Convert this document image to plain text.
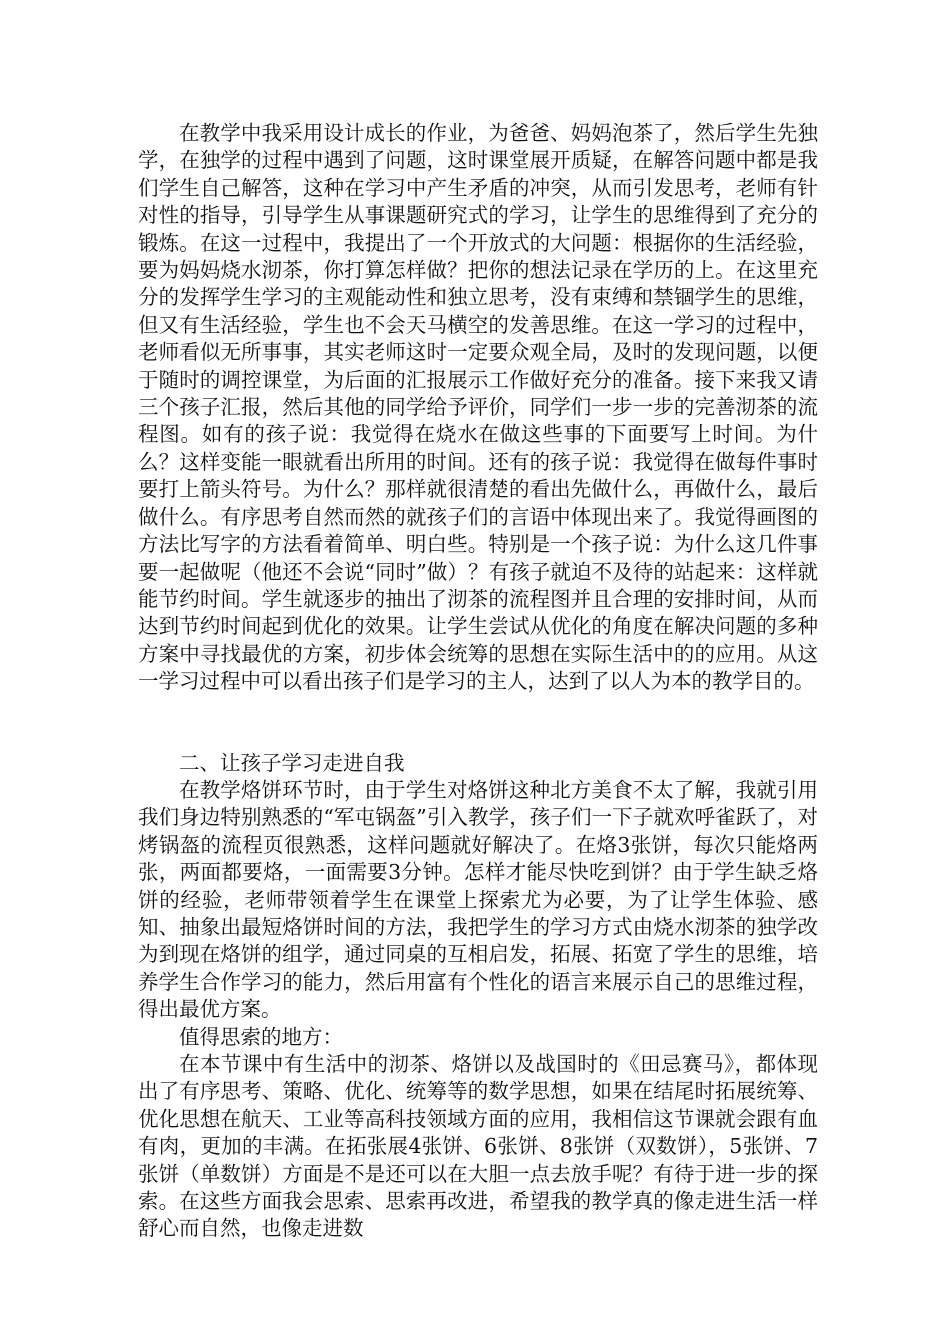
在教学中我采用设计成长的作业，为爸爸、妈妈泡茶了，然后学生先独学，在独学的过程中遇到了问题，这时课堂展开质疑，在解答问题中都是我们学生自己解答，这种在学习中产生矛盾的冲突，从而引发思考，老师有针对性的指导，引导学生从事课题研究式的学习，让学生的思维得到了充分的锻炼。在这一过程中，我提出了一个开放式的大问题：根据你的生活经验，要为妈妈烧水沏茶，你打算怎样做？把你的想法记录在学历的上。在这里充分的发挥学生学习的主观能动性和独立思考，没有束缚和禁锢学生的思维，但又有生活经验，学生也不会天马横空的发善思维。在这一学习的过程中，老师看似无所事事，其实老师这时一定要众观全局，及时的发现问题，以便于随时的调控课堂，为后面的汇报展示工作做好充分的准备。接下来我又请三个孩子汇报，然后其他的同学给予评价，同学们一步一步的完善沏茶的流程图。如有的孩子说：我觉得在烧水在做这些事的下面要写上时间。为什么？这样变能一眼就看出所用的时间。还有的孩子说：我觉得在做每件事时要打上箭头符号。为什么？那样就很清楚的看出先做什么，再做什么，最后做什么。有序思考自然而然的就孩子们的言语中体现出来了。我觉得画图的方法比写字的方法看着简单、明白些。特别是一个孩子说：为什么这几件事要一起做呢（他还不会说“同时”做）？有孩子就迫不及待的站起来：这样就能节约时间。学生就逐步的抽出了沏茶的流程图并且合理的安排时间，从而达到节约时间起到优化的效果。让学生尝试从优化的角度在解决问题的多种方案中寻找最优的方案，初步体会统筹的思想在实际生活中的的应用。从这一学习过程中可以看出孩子们是学习的主人，达到了以人为本的教学目的。

二、让孩子学习走进自我

在教学烙饼环节时，由于学生对烙饼这种北方美食不太了解，我就引用我们身边特别熟悉的“军屯锅盔”引入教学，孩子们一下子就欢呼雀跃了，对烤锅盔的流程页很熟悉，这样问题就好解决了。在烙3张饼，每次只能烙两张，两面都要烙，一面需要3分钟。怎样才能尽快吃到饼？由于学生缺乏烙饼的经验，老师带领着学生在课堂上探索尤为必要，为了让学生体验、感知、抽象出最短烙饼时间的方法，我把学生的学习方式由烧水沏茶的独学改为到现在烙饼的组学，通过同桌的互相启发，拓展、拓宽了学生的思维，培养学生合作学习的能力，然后用富有个性化的语言来展示自己的思维过程，得出最优方案。

值得思索的地方：

在本节课中有生活中的沏茶、烙饼以及战国时的《田忌赛马》，都体现出了有序思考、策略、优化、统筹等的数学思想，如果在结尾时拓展统筹、优化思想在航天、工业等高科技领域方面的应用，我相信这节课就会跟有血有肉，更加的丰满。在拓张展4张饼、6张饼、8张饼（双数饼），5张饼、7张饼（单数饼）方面是不是还可以在大胆一点去放手呢？有待于进一步的探索。在这些方面我会思索、思索再改进，希望我的教学真的像走进生活一样舒心而自然，也像走进数
